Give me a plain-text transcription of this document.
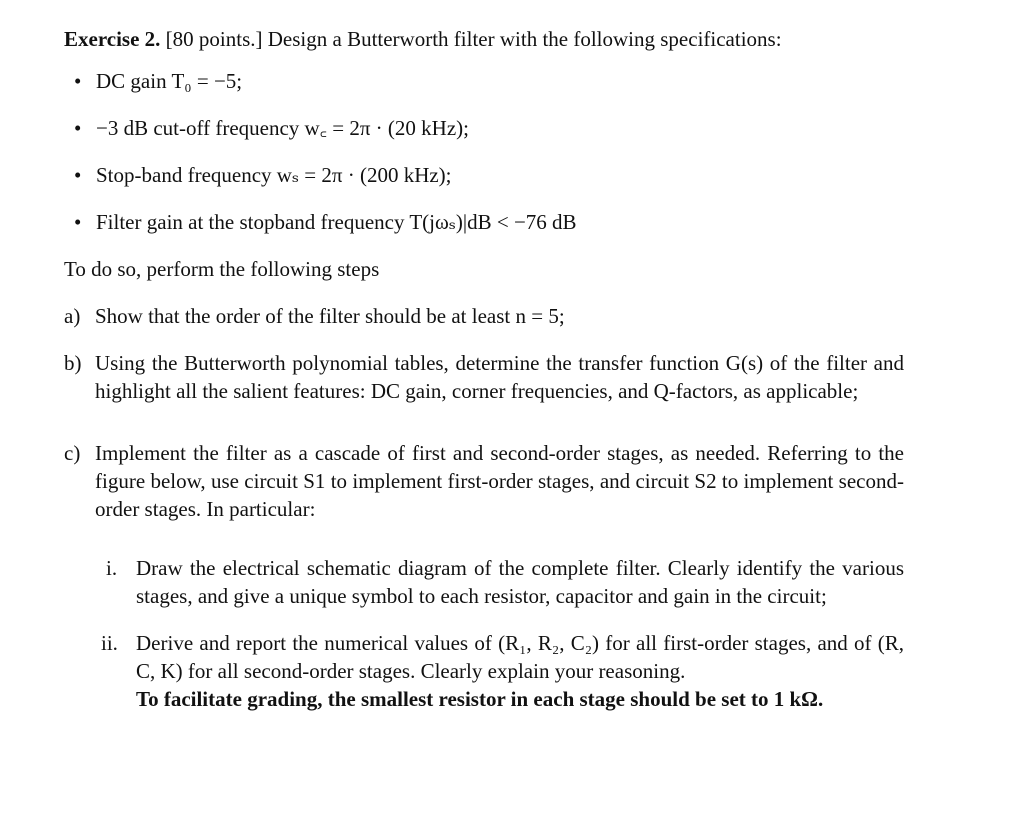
Exercise 2. [80 points.] Design a Butterworth filter with the following specifications:
• DC gain T₀ = −5;
• −3 dB cut-off frequency w꜀ = 2π · (20 kHz);
• Stop-band frequency wₛ = 2π · (200 kHz);
• Filter gain at the stopband frequency T(jωₛ)|dB < −76 dB
To do so, perform the following steps
a) Show that the order of the filter should be at least n = 5;
b) Using the Butterworth polynomial tables, determine the transfer function G(s) of the filter and highlight all the salient features: DC gain, corner frequencies, and Q-factors, as applicable;
c) Implement the filter as a cascade of first and second-order stages, as needed. Referring to the figure below, use circuit S1 to implement first-order stages, and circuit S2 to implement second-order stages. In particular:
i. Draw the electrical schematic diagram of the complete filter. Clearly identify the various stages, and give a unique symbol to each resistor, capacitor and gain in the circuit;
ii. Derive and report the numerical values of (R₁, R₂, C₂) for all first-order stages, and of (R, C, K) for all second-order stages. Clearly explain your reasoning.
To facilitate grading, the smallest resistor in each stage should be set to 1 kΩ.
